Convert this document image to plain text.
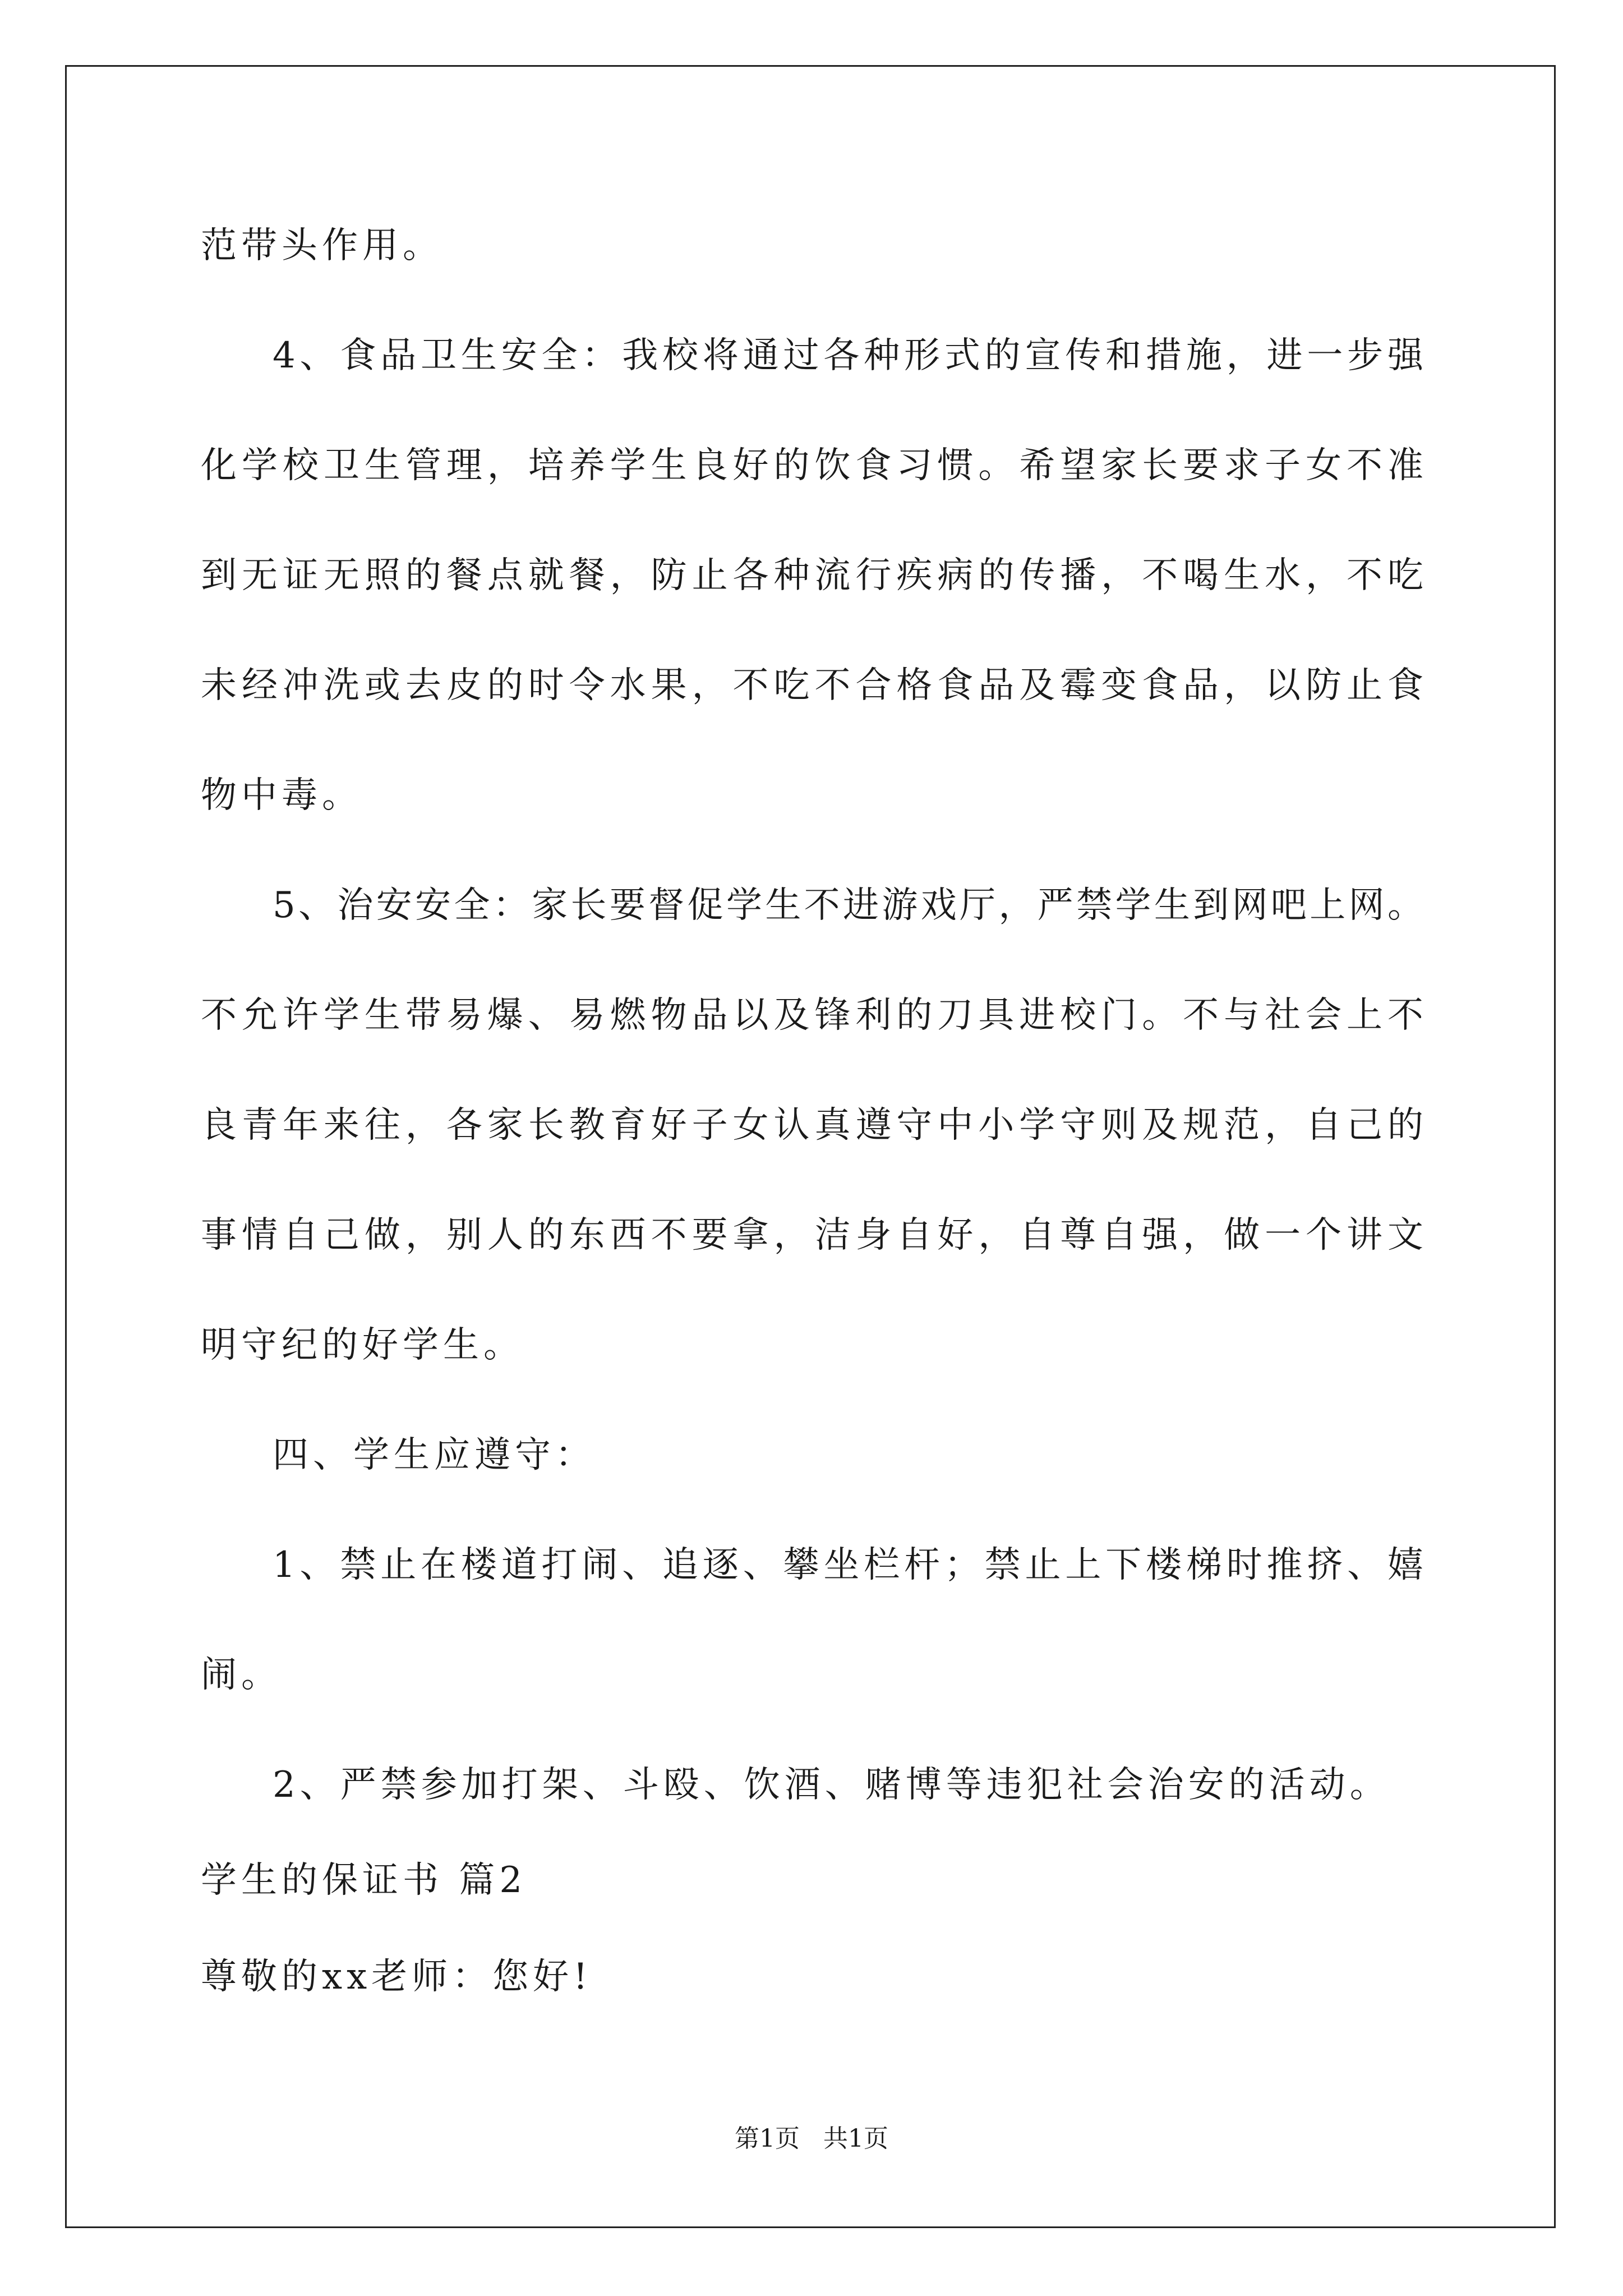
范带头作用。
4、食品卫生安全：我校将通过各种形式的宣传和措施，进一步强
化学校卫生管理，培养学生良好的饮食习惯。希望家长要求子女不准
到无证无照的餐点就餐，防止各种流行疾病的传播，不喝生水，不吃
未经冲洗或去皮的时令水果，不吃不合格食品及霉变食品，以防止食
物中毒。
5、治安安全：家长要督促学生不进游戏厅，严禁学生到网吧上网。
不允许学生带易爆、易燃物品以及锋利的刀具进校门。不与社会上不
良青年来往，各家长教育好子女认真遵守中小学守则及规范，自己的
事情自己做，别人的东西不要拿，洁身自好，自尊自强，做一个讲文
明守纪的好学生。
四、学生应遵守：
1、禁止在楼道打闹、追逐、攀坐栏杆；禁止上下楼梯时推挤、嬉
闹。
2、严禁参加打架、斗殴、饮酒、赌博等违犯社会治安的活动。
学生的保证书 篇2
尊敬的xx老师：您好!
第1页   共1页
